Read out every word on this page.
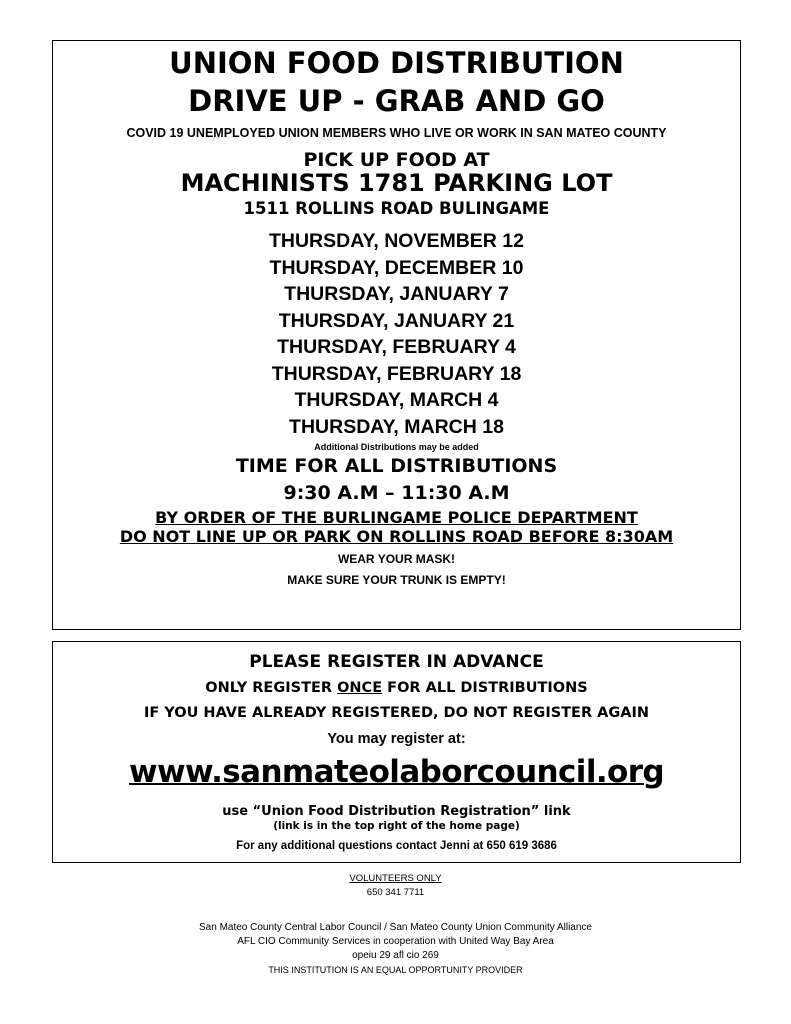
UNION FOOD DISTRIBUTION
DRIVE UP - GRAB AND GO
COVID 19 UNEMPLOYED UNION MEMBERS WHO LIVE OR WORK IN SAN MATEO COUNTY
PICK UP FOOD AT
MACHINISTS 1781 PARKING LOT
1511 ROLLINS ROAD BULINGAME
THURSDAY, NOVEMBER 12
THURSDAY, DECEMBER 10
THURSDAY, JANUARY 7
THURSDAY, JANUARY 21
THURSDAY, FEBRUARY 4
THURSDAY, FEBRUARY 18
THURSDAY, MARCH 4
THURSDAY, MARCH 18
Additional Distributions may be added
TIME FOR ALL DISTRIBUTIONS
9:30 A.M – 11:30 A.M
BY ORDER OF THE BURLINGAME POLICE DEPARTMENT
DO NOT LINE UP OR PARK ON ROLLINS ROAD BEFORE 8:30AM
WEAR YOUR MASK!
MAKE SURE YOUR TRUNK IS EMPTY!
PLEASE REGISTER IN ADVANCE
ONLY REGISTER ONCE FOR ALL DISTRIBUTIONS
IF YOU HAVE ALREADY REGISTERED, DO NOT REGISTER AGAIN
You may register at:
www.sanmateolaborcouncil.org
use “Union Food Distribution Registration” link
(link is in the top right of the home page)
For any additional questions contact Jenni at 650 619 3686
VOLUNTEERS ONLY
650 341 7711
San Mateo County Central Labor Council / San Mateo County Union Community Alliance
AFL CIO Community Services in cooperation with United Way Bay Area
opeiu 29 afl cio 269
THIS INSTITUTION IS AN EQUAL OPPORTUNITY PROVIDER
